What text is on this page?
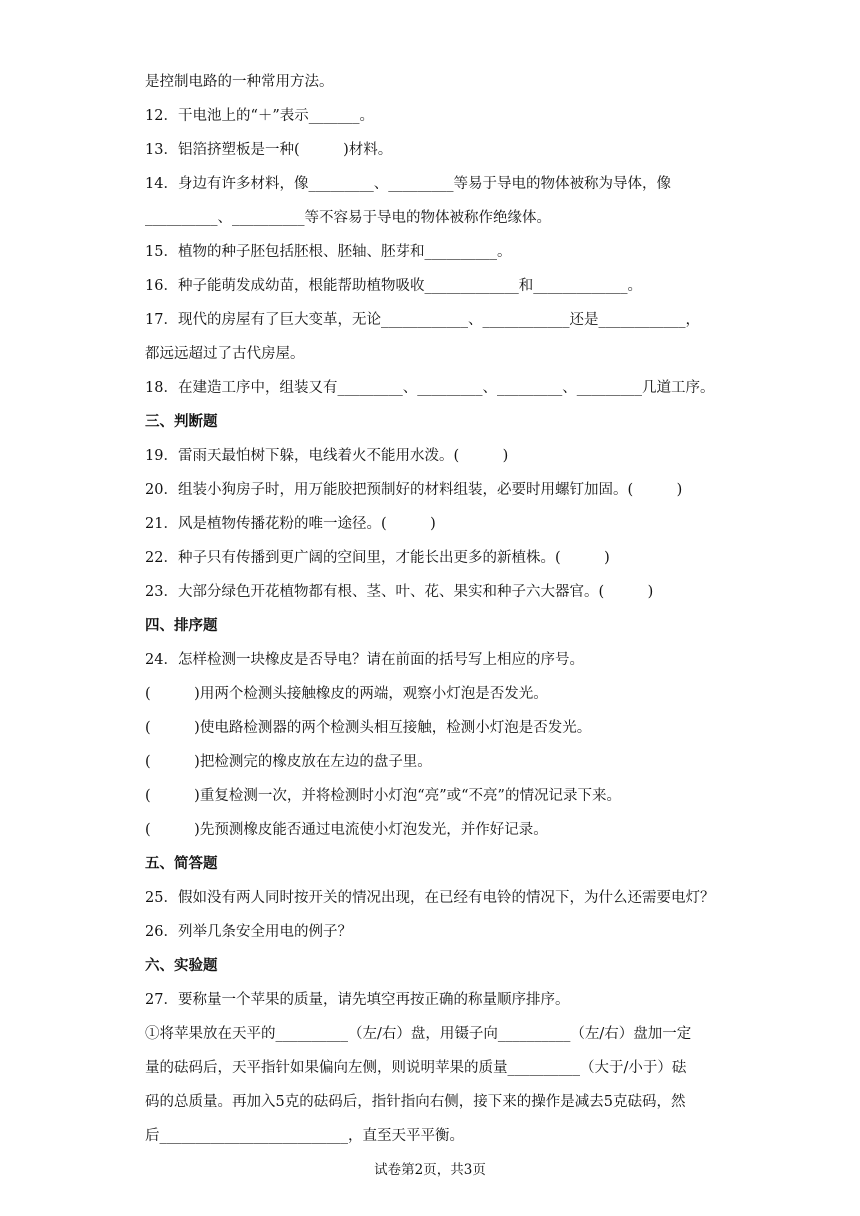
是控制电路的一种常用方法。
12．干电池上的“＋”表示_______。
13．铝箔挤塑板是一种(　　　)材料。
14．身边有许多材料，像_________、_________等易于导电的物体被称为导体，像
__________、__________等不容易于导电的物体被称作绝缘体。
15．植物的种子胚包括胚根、胚轴、胚芽和__________。
16．种子能萌发成幼苗，根能帮助植物吸收_____________和_____________。
17．现代的房屋有了巨大变革，无论____________、____________还是____________，
都远远超过了古代房屋。
18．在建造工序中，组装又有_________、_________、_________、_________几道工序。
三、判断题
19．雷雨天最怕树下躲，电线着火不能用水泼。(　　　)
20．组装小狗房子时，用万能胶把预制好的材料组装，必要时用螺钉加固。(　　　)
21．风是植物传播花粉的唯一途径。(　　　)
22．种子只有传播到更广阔的空间里，才能长出更多的新植株。(　　　)
23．大部分绿色开花植物都有根、茎、叶、花、果实和种子六大器官。(　　　)
四、排序题
24．怎样检测一块橡皮是否导电？请在前面的括号写上相应的序号。
(　　　)用两个检测头接触橡皮的两端，观察小灯泡是否发光。
(　　　)使电路检测器的两个检测头相互接触，检测小灯泡是否发光。
(　　　)把检测完的橡皮放在左边的盘子里。
(　　　)重复检测一次，并将检测时小灯泡“亮”或“不亮”的情况记录下来。
(　　　)先预测橡皮能否通过电流使小灯泡发光，并作好记录。
五、简答题
25．假如没有两人同时按开关的情况出现，在已经有电铃的情况下，为什么还需要电灯？
26．列举几条安全用电的例子？
六、实验题
27．要称量一个苹果的质量，请先填空再按正确的称量顺序排序。
①将苹果放在天平的__________（左/右）盘，用镊子向__________（左/右）盘加一定
量的砝码后，天平指针如果偏向左侧，则说明苹果的质量__________（大于/小于）砝
码的总质量。再加入5克的砝码后，指针指向右侧，接下来的操作是减去5克砝码，然
后__________________________，直至天平平衡。
试卷第2页，共3页
